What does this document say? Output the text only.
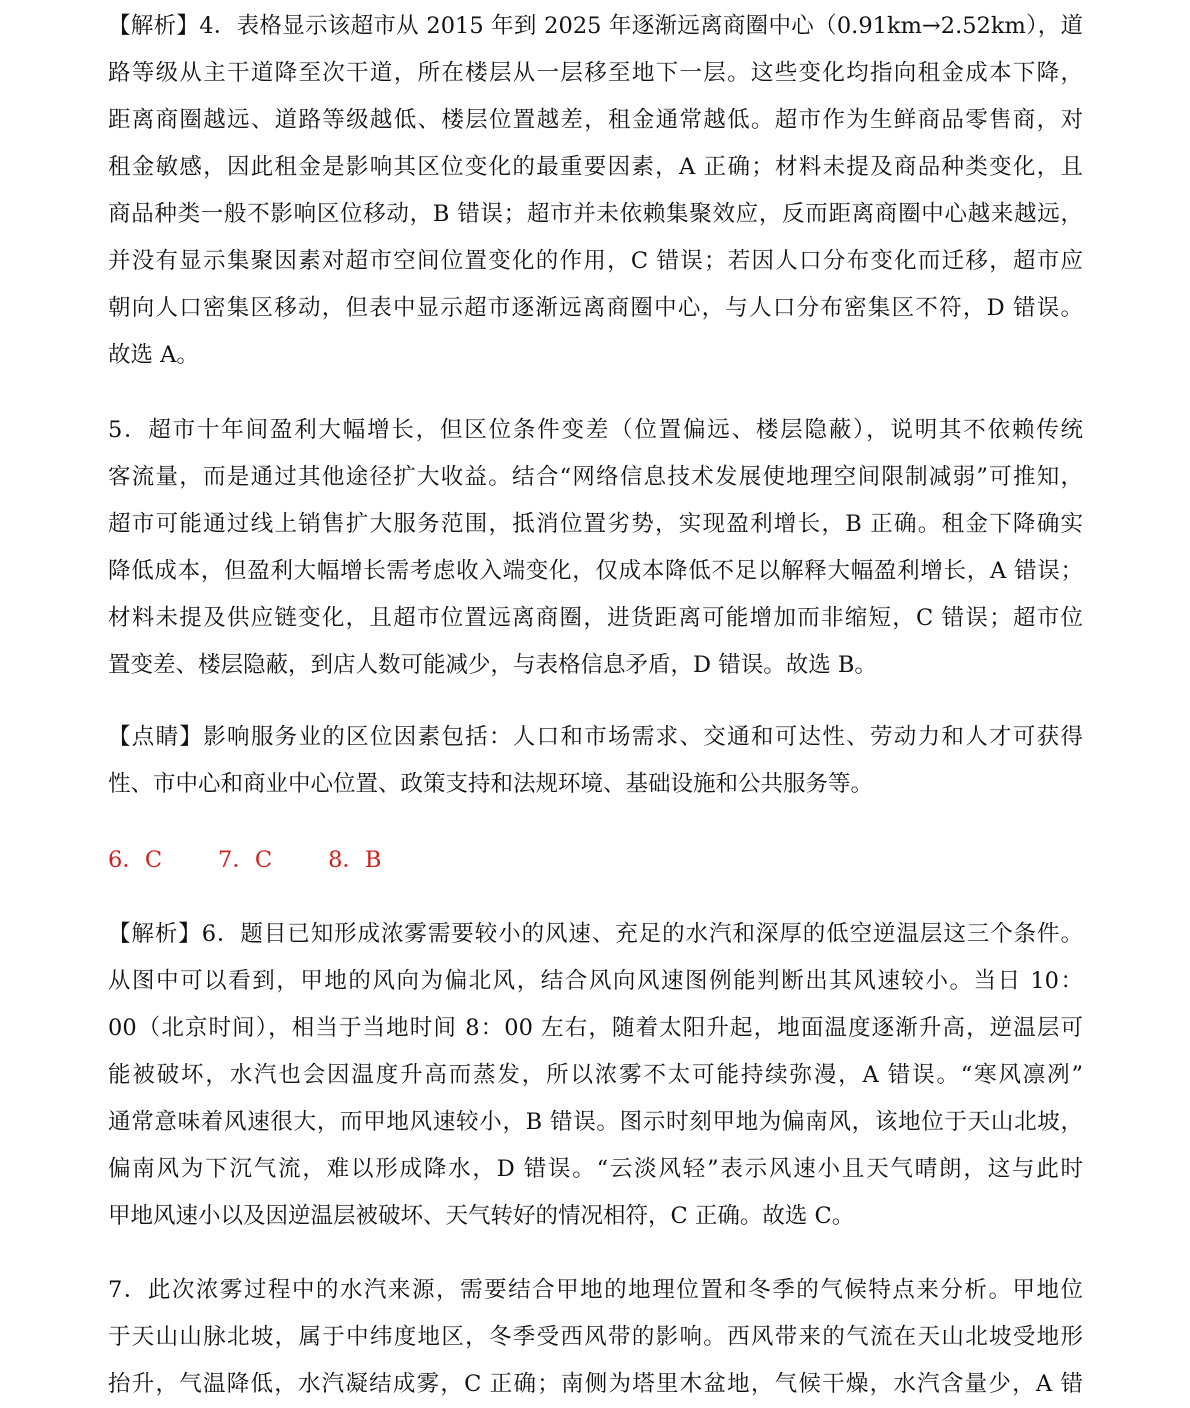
【解析】4．表格显示该超市从 2015 年到 2025 年逐渐远离商圈中心（0.91km→2.52km），道
路等级从主干道降至次干道，所在楼层从一层移至地下一层。这些变化均指向租金成本下降，
距离商圈越远、道路等级越低、楼层位置越差，租金通常越低。超市作为生鲜商品零售商，对
租金敏感，因此租金是影响其区位变化的最重要因素，A 正确；材料未提及商品种类变化，且
商品种类一般不影响区位移动，B 错误；超市并未依赖集聚效应，反而距离商圈中心越来越远，
并没有显示集聚因素对超市空间位置变化的作用，C 错误；若因人口分布变化而迁移，超市应
朝向人口密集区移动，但表中显示超市逐渐远离商圈中心，与人口分布密集区不符，D 错误。
故选 A。
5．超市十年间盈利大幅增长，但区位条件变差（位置偏远、楼层隐蔽），说明其不依赖传统
客流量，而是通过其他途径扩大收益。结合“网络信息技术发展使地理空间限制减弱”可推知，
超市可能通过线上销售扩大服务范围，抵消位置劣势，实现盈利增长，B 正确。租金下降确实
降低成本，但盈利大幅增长需考虑收入端变化，仅成本降低不足以解释大幅盈利增长，A 错误；
材料未提及供应链变化，且超市位置远离商圈，进货距离可能增加而非缩短，C 错误；超市位
置变差、楼层隐蔽，到店人数可能减少，与表格信息矛盾，D 错误。故选 B。
【点睛】影响服务业的区位因素包括：人口和市场需求、交通和可达性、劳动力和人才可获得
性、市中心和商业中心位置、政策支持和法规环境、基础设施和公共服务等。
6．C 7．C 8．B
【解析】6．题目已知形成浓雾需要较小的风速、充足的水汽和深厚的低空逆温层这三个条件。
从图中可以看到，甲地的风向为偏北风，结合风向风速图例能判断出其风速较小。当日 10：
00（北京时间），相当于当地时间 8：00 左右，随着太阳升起，地面温度逐渐升高，逆温层可
能被破坏，水汽也会因温度升高而蒸发，所以浓雾不太可能持续弥漫，A 错误。“寒风凛冽”
通常意味着风速很大，而甲地风速较小，B 错误。图示时刻甲地为偏南风，该地位于天山北坡，
偏南风为下沉气流，难以形成降水，D 错误。“云淡风轻”表示风速小且天气晴朗，这与此时
甲地风速小以及因逆温层被破坏、天气转好的情况相符，C 正确。故选 C。
7．此次浓雾过程中的水汽来源，需要结合甲地的地理位置和冬季的气候特点来分析。甲地位
于天山山脉北坡，属于中纬度地区，冬季受西风带的影响。西风带来的气流在天山北坡受地形
抬升，气温降低，水汽凝结成雾，C 正确；南侧为塔里木盆地，气候干燥，水汽含量少，A 错
